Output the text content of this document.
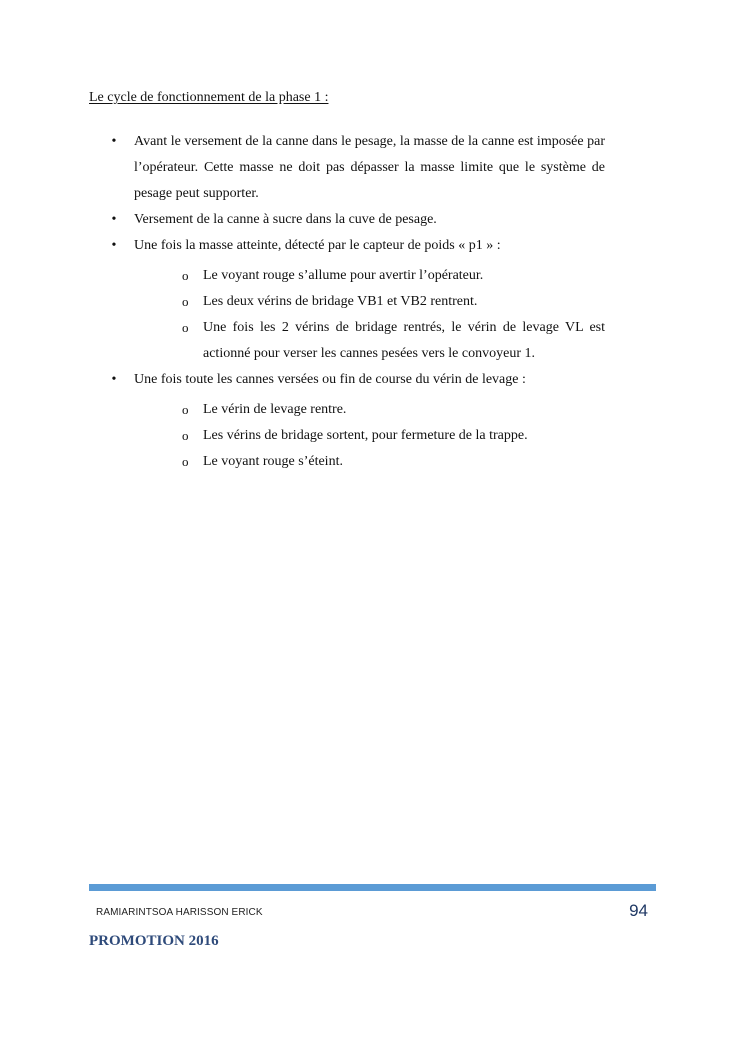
Le cycle de fonctionnement de la phase 1 :
• Avant le versement de la canne dans le pesage, la masse de la canne est imposée par l’opérateur. Cette masse ne doit pas dépasser la masse limite que le système de pesage peut supporter.
• Versement de la canne à sucre dans la cuve de pesage.
• Une fois la masse atteinte, détecté par le capteur de poids « p1 » :
o Le voyant rouge s’allume pour avertir l’opérateur.
o Les deux vérins de bridage VB1 et VB2 rentrent.
o Une fois les 2 vérins de bridage rentrés, le vérin de levage VL est actionné pour verser les cannes pesées vers le convoyeur 1.
• Une fois toute les cannes versées ou fin de course du vérin de levage :
o Le vérin de levage rentre.
o Les vérins de bridage sortent, pour fermeture de la trappe.
o Le voyant rouge s’éteint.
RAMIARINTSOA HARISSON ERICK	94
PROMOTION 2016
